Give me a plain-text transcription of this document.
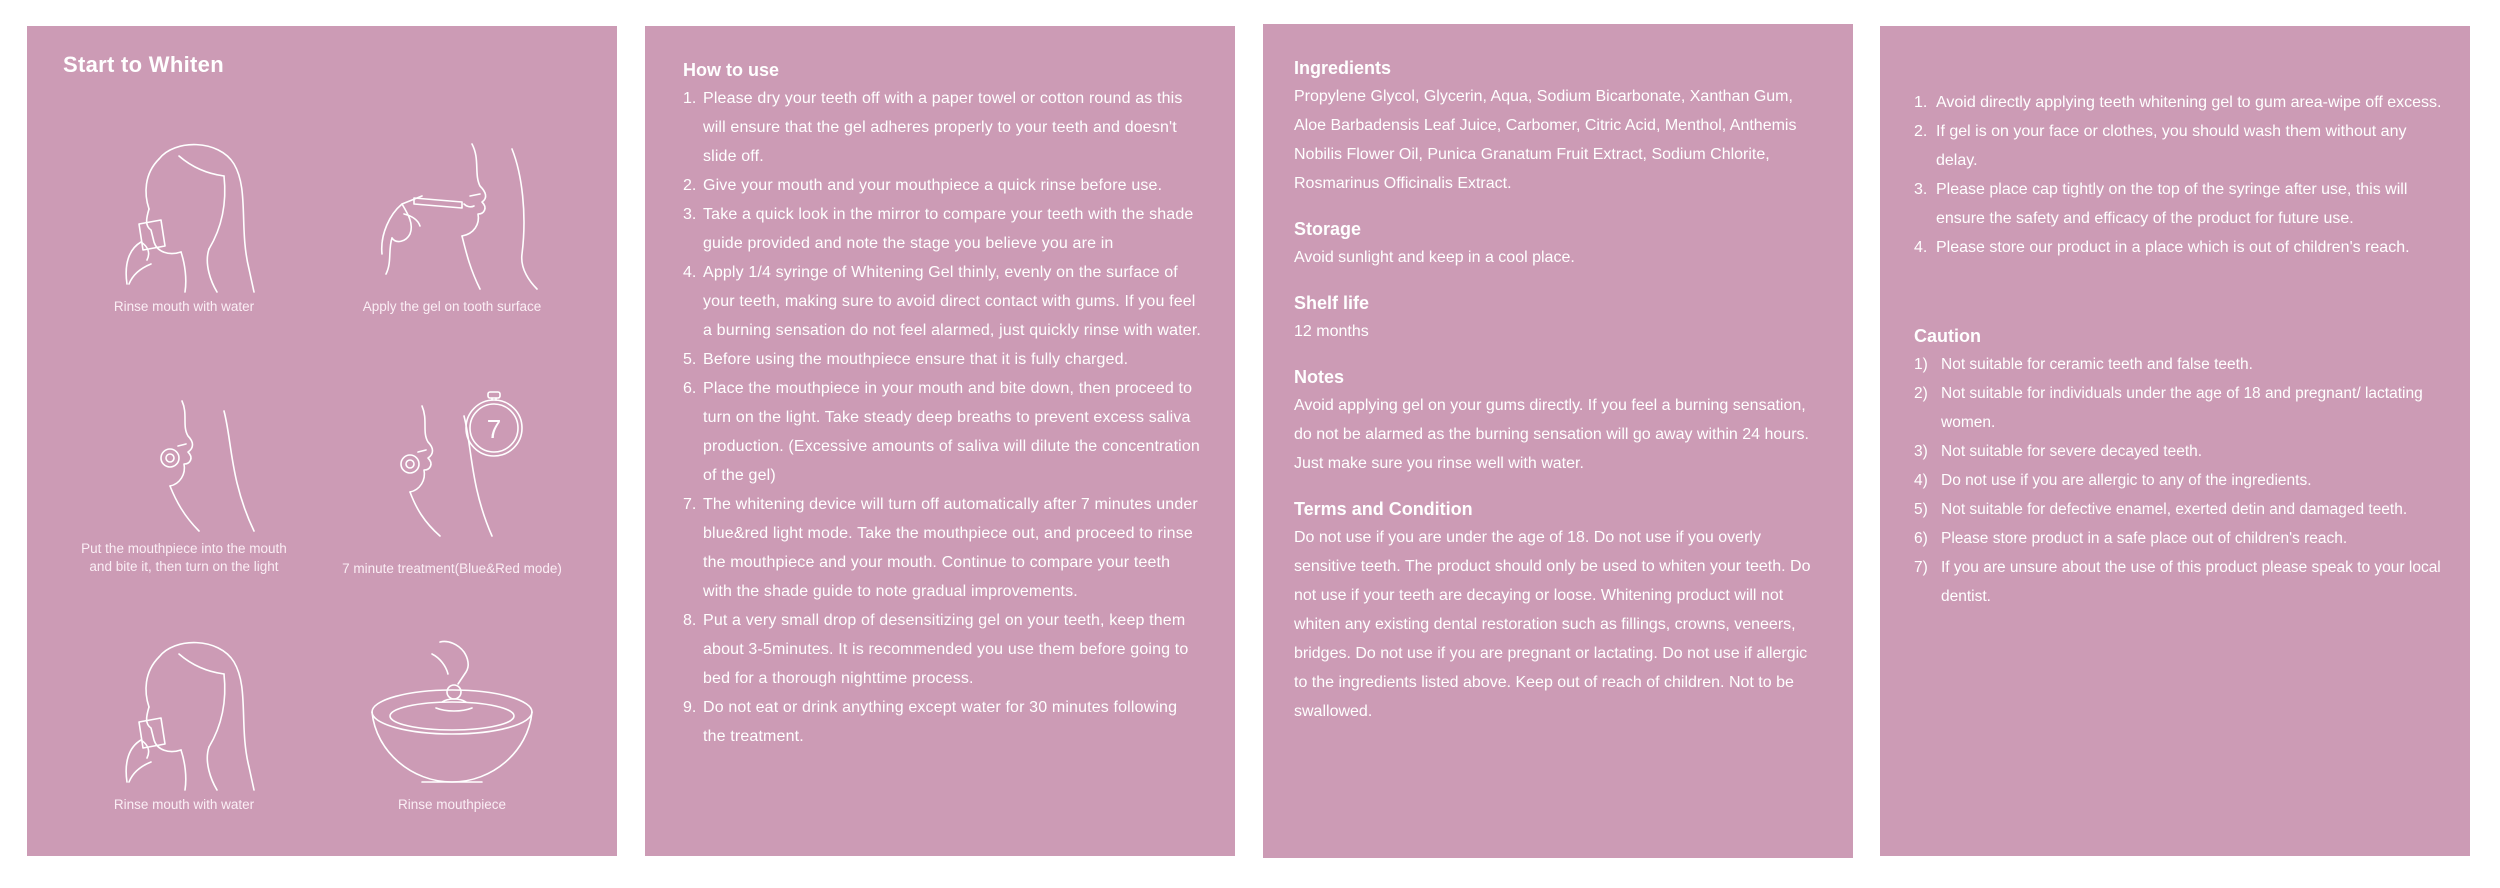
Start to Whiten
Rinse mouth with water	Apply the gel on tooth surface
Put the mouthpiece into the mouth
and bite it, then turn on the light
7
7 minute treatment(Blue&Red mode)
Rinse mouth with water	Rinse mouthpiece
How to use
1. Please dry your teeth off with a paper towel or cotton round as this will ensure that the gel adheres properly to your teeth and doesn't slide off.
2. Give your mouth and your mouthpiece a quick rinse before use.
3. Take a quick look in the mirror to compare your teeth with the shade guide provided and note the stage you believe you are in
4. Apply 1/4 syringe of Whitening Gel thinly, evenly on the surface of your teeth, making sure to avoid direct contact with gums. If you feel a burning sensation do not feel alarmed, just quickly rinse with water.
5. Before using the mouthpiece ensure that it is fully charged.
6. Place the mouthpiece in your mouth and bite down, then proceed to turn on the light. Take steady deep breaths to prevent excess saliva production. (Excessive amounts of saliva will dilute the concentration of the gel)
7. The whitening device will turn off automatically after 7 minutes under blue&red light mode. Take the mouthpiece out, and proceed to rinse the mouthpiece and your mouth. Continue to compare your teeth with the shade guide to note gradual improvements.
8. Put a very small drop of desensitizing gel on your teeth, keep them about 3-5minutes. It is recommended you use them before going to bed for a thorough nighttime process.
9. Do not eat or drink anything except water for 30 minutes following the treatment.
Ingredients

Propylene Glycol, Glycerin, Aqua, Sodium Bicarbonate, Xanthan Gum, Aloe Barbadensis Leaf Juice, Carbomer, Citric Acid, Menthol, Anthemis Nobilis Flower Oil, Punica Granatum Fruit Extract, Sodium Chlorite, Rosmarinus Officinalis Extract.

Storage

Avoid sunlight and keep in a cool place.

Shelf life

12 months

Notes

Avoid applying gel on your gums directly. If you feel a burning sensation, do not be alarmed as the burning sensation will go away within 24 hours. Just make sure you rinse well with water.

Terms and Condition

Do not use if you are under the age of 18. Do not use if you overly sensitive teeth. The product should only be used to whiten your teeth. Do not use if your teeth are decaying or loose. Whitening product will not whiten any existing dental restoration such as fillings, crowns, veneers, bridges. Do not use if you are pregnant or lactating. Do not use if allergic to the ingredients listed above. Keep out of reach of children. Not to be swallowed.

1. Avoid directly applying teeth whitening gel to gum area-wipe off excess.
2. If gel is on your face or clothes, you should wash them without any delay.
3. Please place cap tightly on the top of the syringe after use, this will ensure the safety and efficacy of the product for future use.
4. Please store our product in a place which is out of children's reach.
Caution
1) Not suitable for ceramic teeth and false teeth.
2) Not suitable for individuals under the age of 18 and pregnant/ lactating women.
3) Not suitable for severe decayed teeth.
4) Do not use if you are allergic to any of the ingredients.
5) Not suitable for defective enamel, exerted detin and damaged teeth.
6) Please store product in a safe place out of children's reach.
7) If you are unsure about the use of this product please speak to your local dentist.
